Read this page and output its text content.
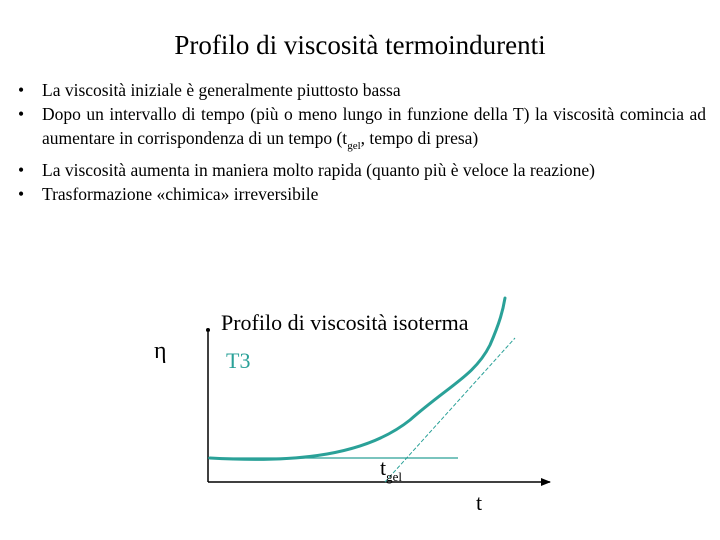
Profilo di viscosità termoindurenti
• La viscosità iniziale è generalmente piuttosto bassa
• Dopo un intervallo di tempo (più o meno lungo in funzione della T) la viscosità comincia ad aumentare in corrispondenza di un tempo ($t_{gel}$, tempo di presa)
• La viscosità aumenta in maniera molto rapida (quanto più è veloce la reazione)
• Trasformazione «chimica» irreversibile
η
Profilo di viscosità isoterma
T3
$t_{gel}$
t
